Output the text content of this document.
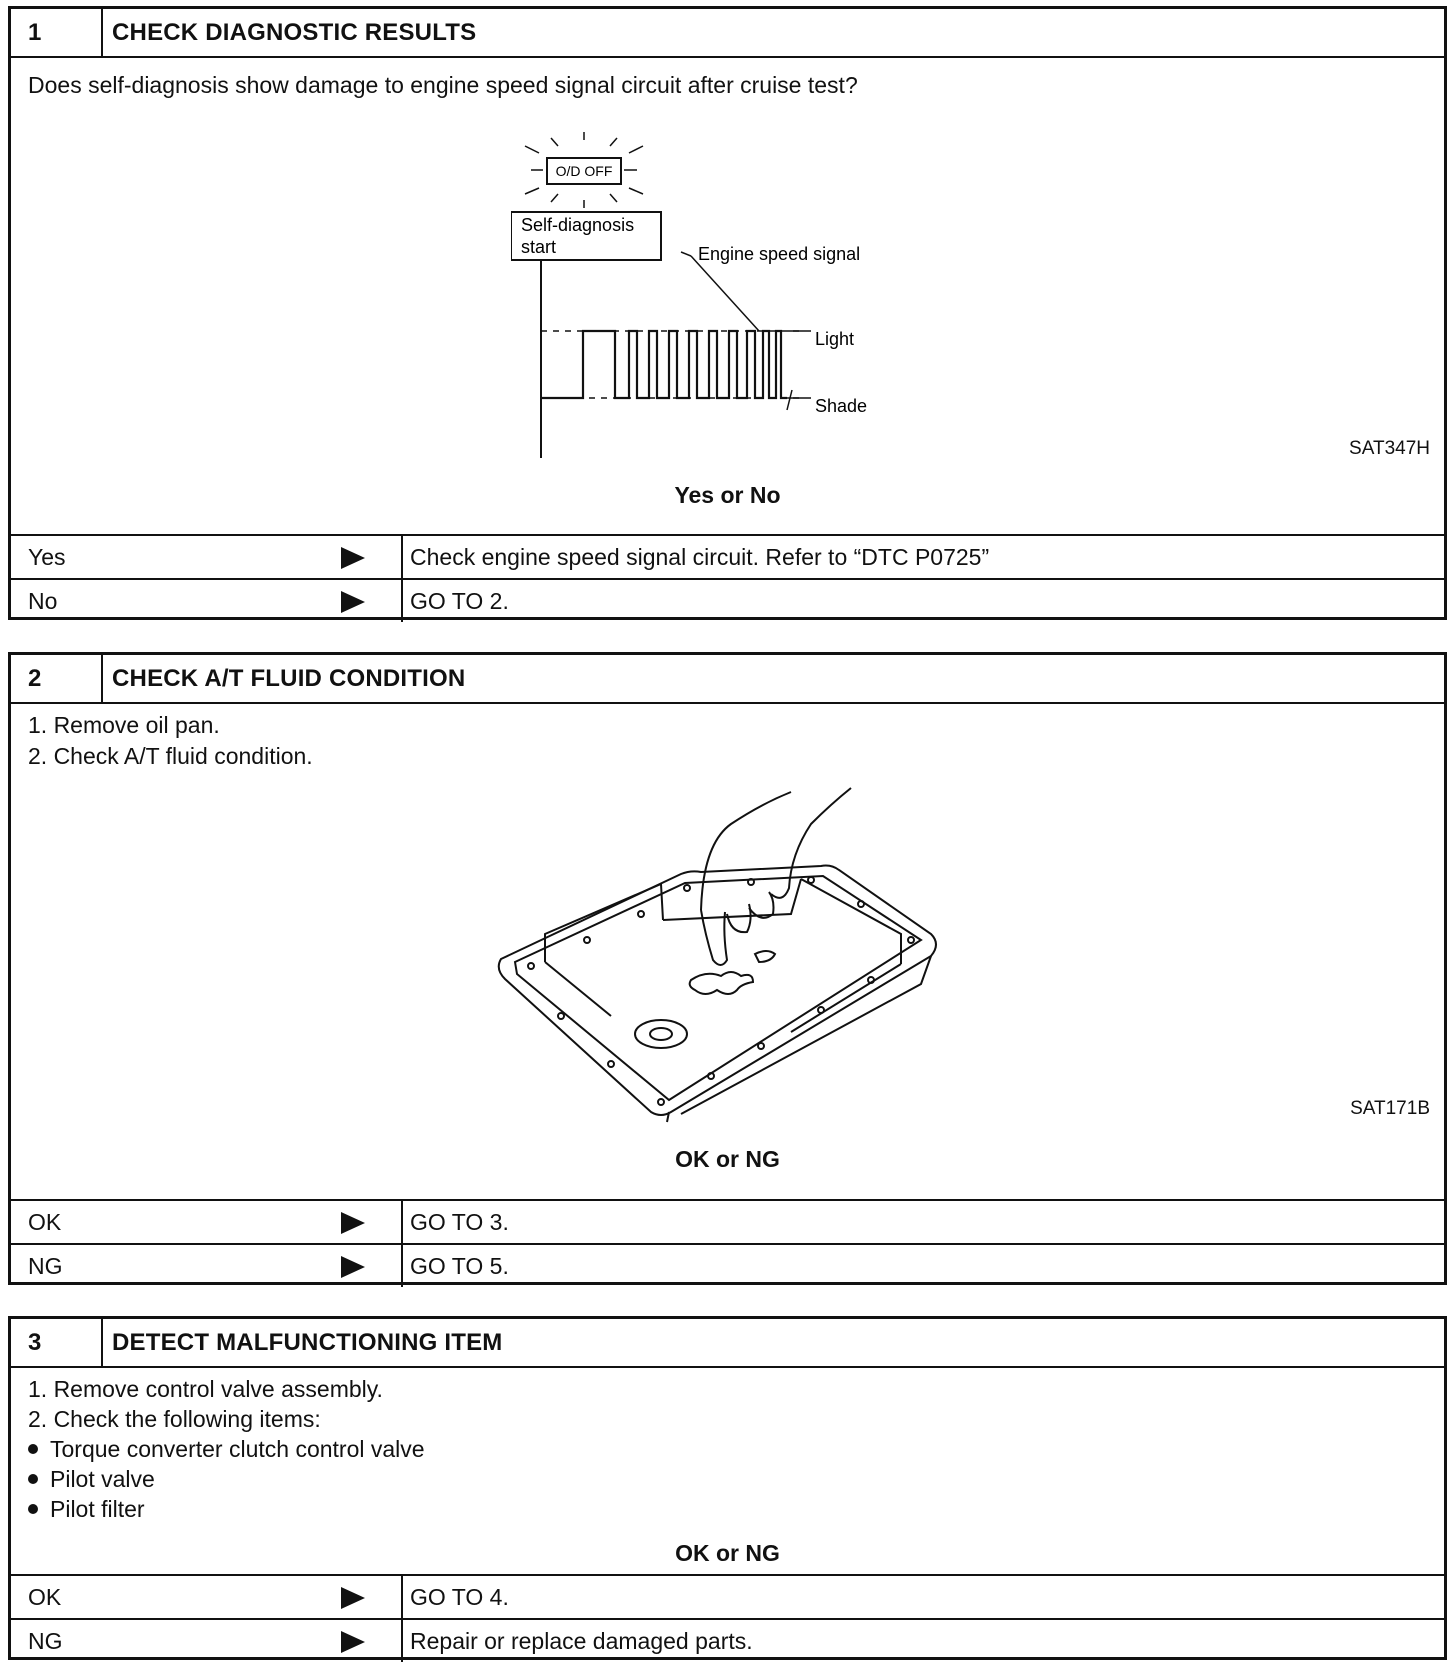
1	CHECK DIAGNOSTIC RESULTS
Does self-diagnosis show damage to engine speed signal circuit after cruise test?
O/D OFF
Self-diagnosis
start	Engine speed signal
Light
Shade
SAT347H
Yes or No
Yes	Check engine speed signal circuit. Refer to “DTC P0725”
No	GO TO 2.
2	CHECK A/T FLUID CONDITION
1. Remove oil pan.
2. Check A/T fluid condition.
SAT171B
OK or NG
OK	GO TO 3.
NG	GO TO 5.
3	DETECT MALFUNCTIONING ITEM
1. Remove control valve assembly.
2. Check the following items:
Torque converter clutch control valve
Pilot valve
Pilot filter
OK or NG
OK	GO TO 4.
NG	Repair or replace damaged parts.
